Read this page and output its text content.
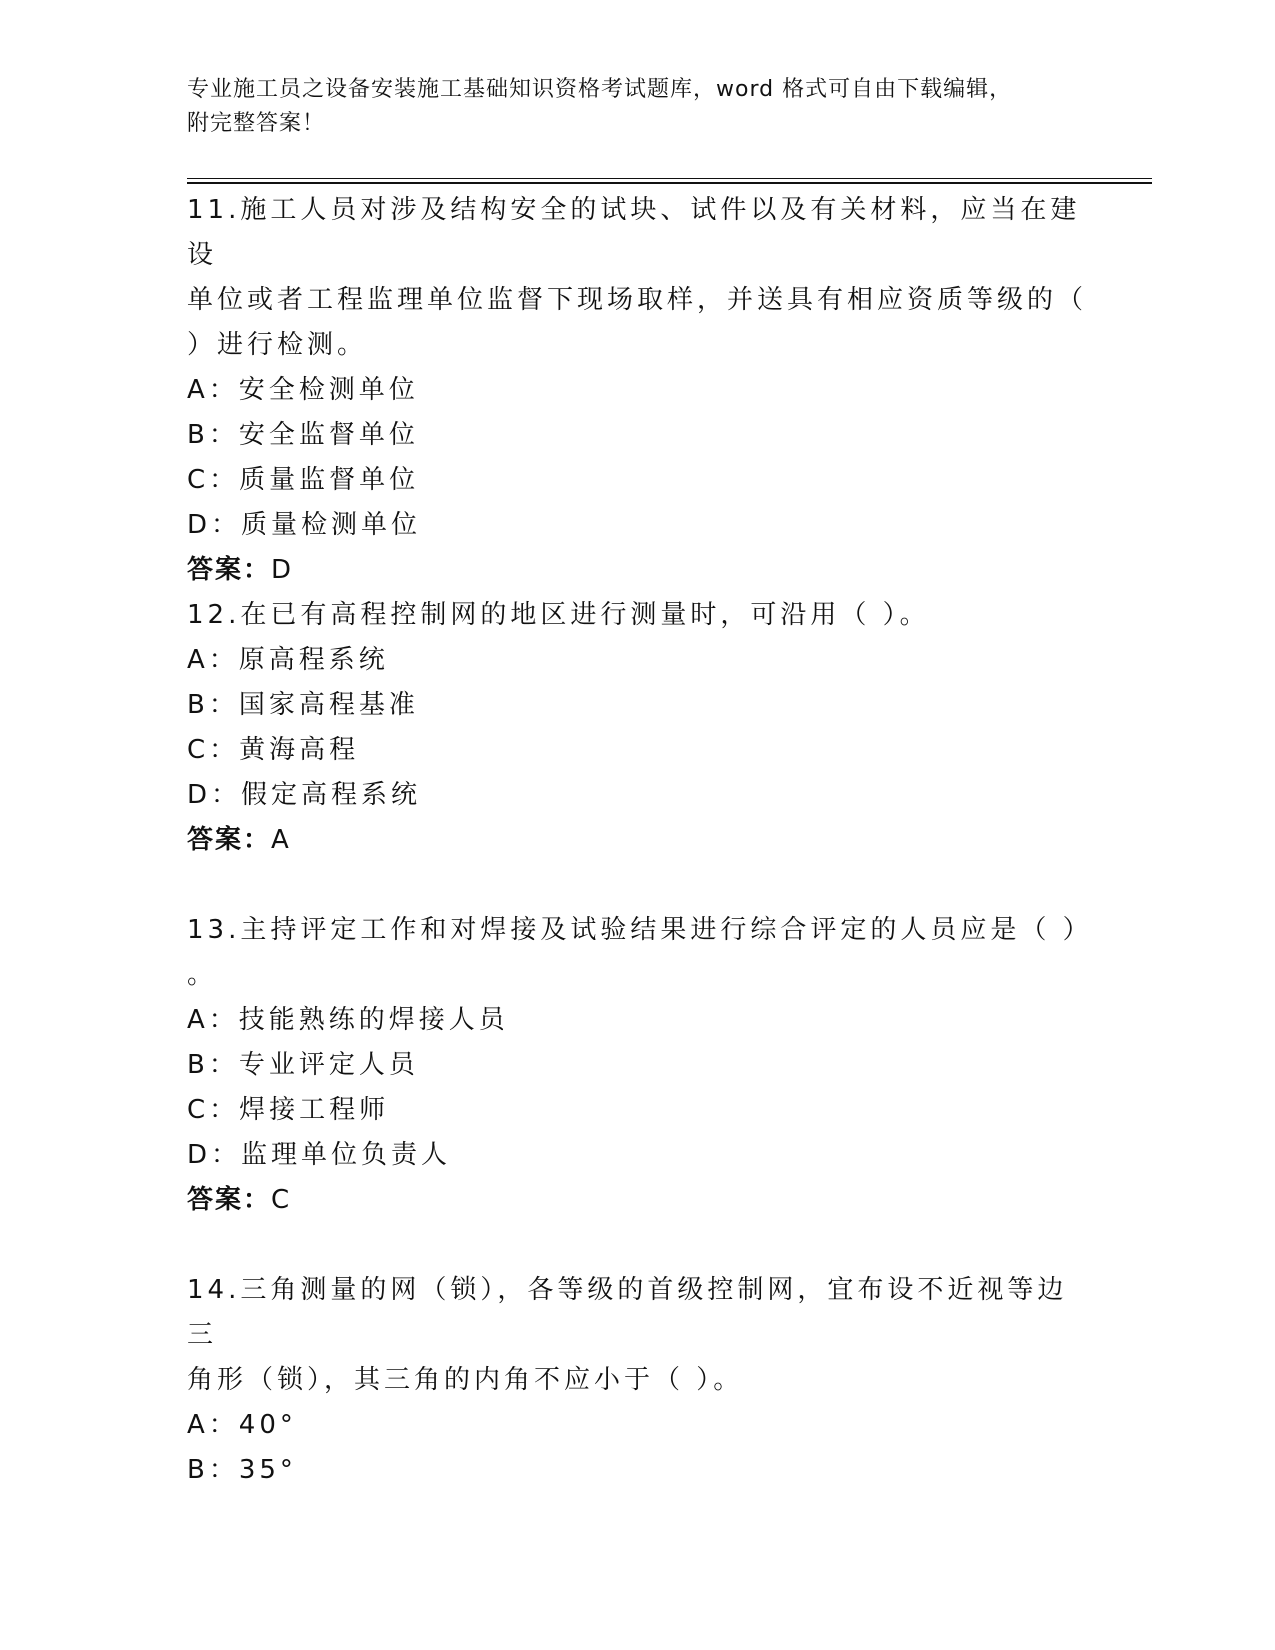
专业施工员之设备安装施工基础知识资格考试题库，word 格式可自由下载编辑，
附完整答案！

11.施工人员对涉及结构安全的试块、试件以及有关材料，应当在建设

单位或者工程监理单位监督下现场取样，并送具有相应资质等级的（

）进行检测。

A：安全检测单位

B：安全监督单位

C：质量监督单位

D：质量检测单位

答案：D

12.在已有高程控制网的地区进行测量时，可沿用（ ）。

A：原高程系统

B：国家高程基准

C：黄海高程

D：假定高程系统

答案：A

13.主持评定工作和对焊接及试验结果进行综合评定的人员应是（ ）

。

A：技能熟练的焊接人员

B：专业评定人员

C：焊接工程师

D：监理单位负责人

答案：C

14.三角测量的网（锁），各等级的首级控制网，宜布设不近视等边三

角形（锁），其三角的内角不应小于（ ）。

A：40°

B：35°
